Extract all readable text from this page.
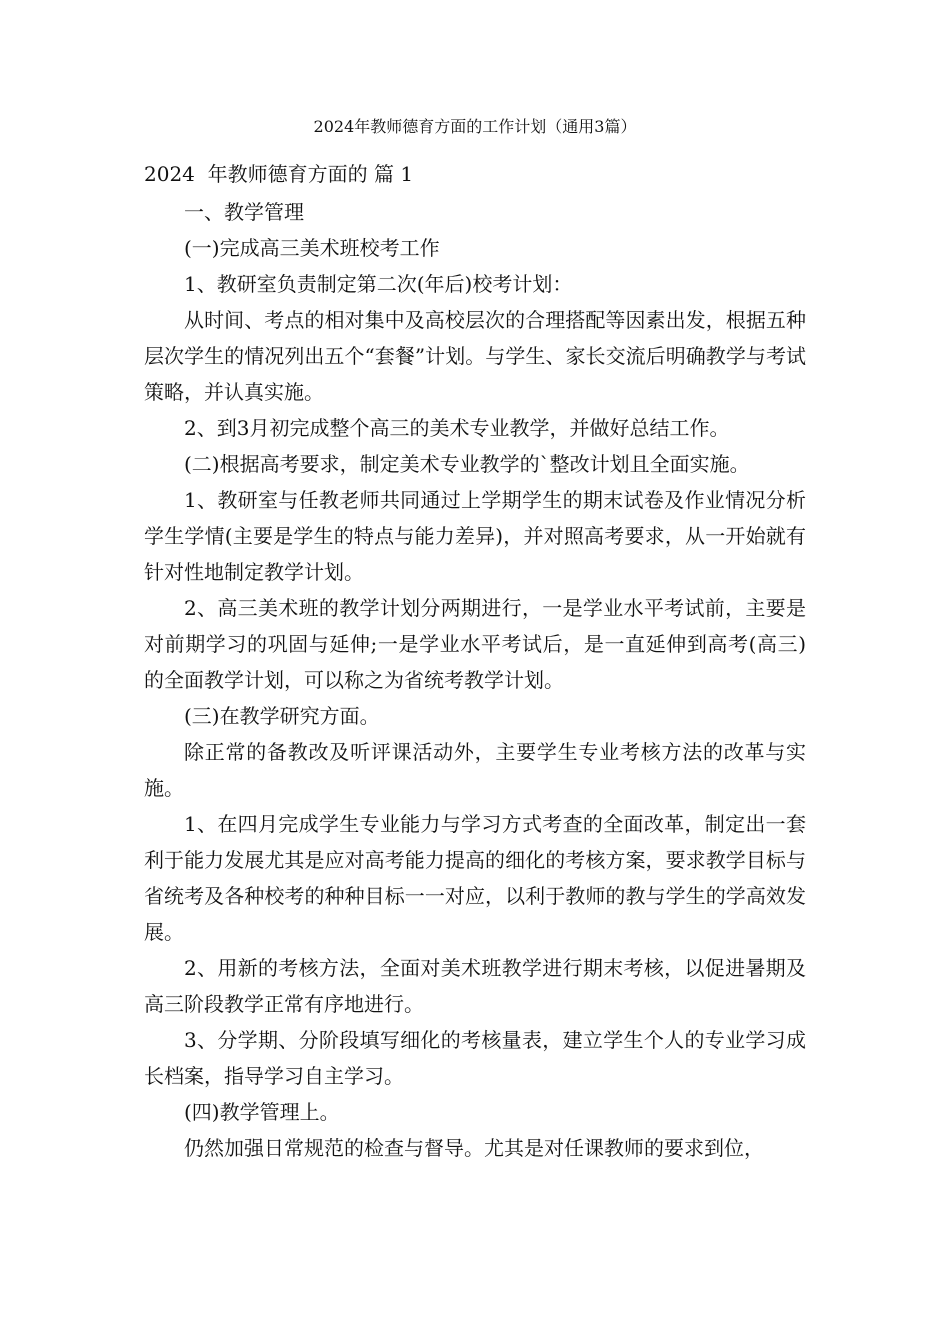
2024年教师德育方面的工作计划（通用3篇）
2024  年教师德育方面的 篇 1

一、教学管理

(一)完成高三美术班校考工作

1、教研室负责制定第二次(年后)校考计划：

从时间、考点的相对集中及高校层次的合理搭配等因素出发，根据五种层次学生的情况列出五个“套餐”计划。与学生、家长交流后明确教学与考试策略，并认真实施。

2、到3月初完成整个高三的美术专业教学，并做好总结工作。

(二)根据高考要求，制定美术专业教学的`整改计划且全面实施。

1、教研室与任教老师共同通过上学期学生的期末试卷及作业情况分析学生学情(主要是学生的特点与能力差异)，并对照高考要求，从一开始就有针对性地制定教学计划。

2、高三美术班的教学计划分两期进行，一是学业水平考试前，主要是对前期学习的巩固与延伸;一是学业水平考试后，是一直延伸到高考(高三)的全面教学计划，可以称之为省统考教学计划。

(三)在教学研究方面。

除正常的备教改及听评课活动外，主要学生专业考核方法的改革与实施。

1、在四月完成学生专业能力与学习方式考查的全面改革，制定出一套利于能力发展尤其是应对高考能力提高的细化的考核方案，要求教学目标与省统考及各种校考的种种目标一一对应，以利于教师的教与学生的学高效发展。

2、用新的考核方法，全面对美术班教学进行期末考核，以促进暑期及高三阶段教学正常有序地进行。

3、分学期、分阶段填写细化的考核量表，建立学生个人的专业学习成长档案，指导学习自主学习。

(四)教学管理上。

仍然加强日常规范的检查与督导。尤其是对任课教师的要求到位，
